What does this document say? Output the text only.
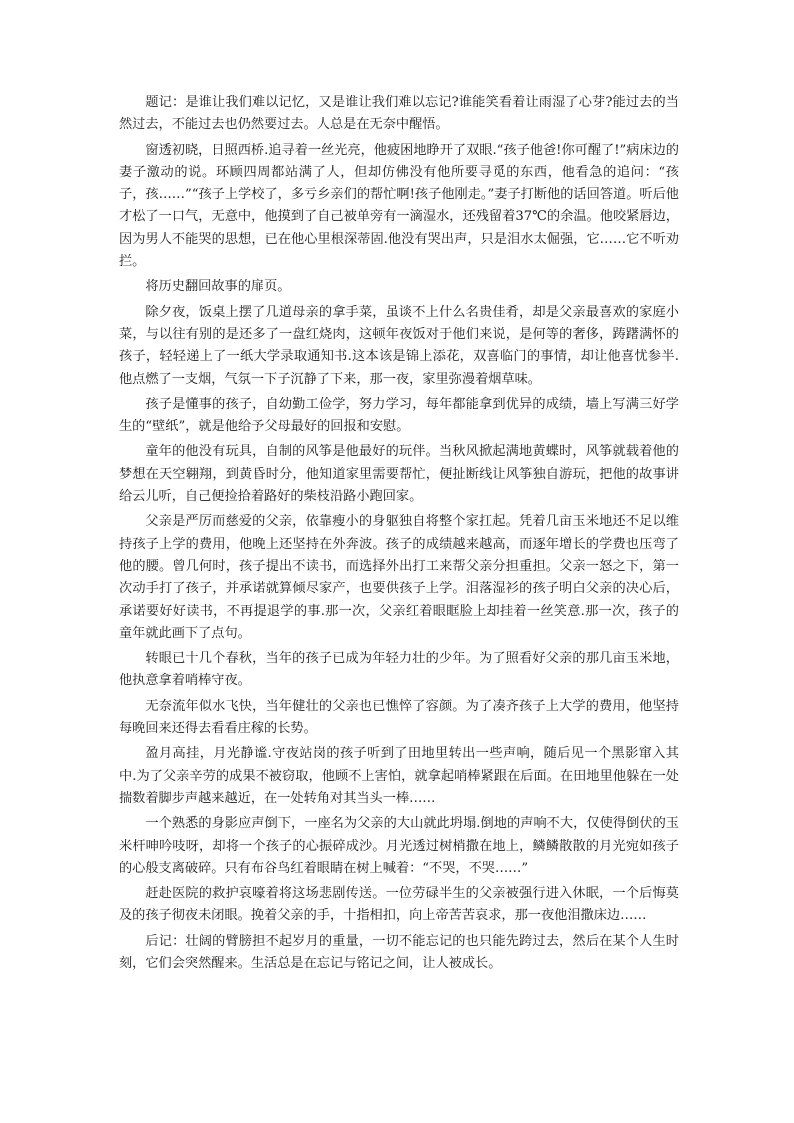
题记：是谁让我们难以记忆，又是谁让我们难以忘记?谁能笑看着让雨湿了心芽?能过去的当然过去，不能过去也仍然要过去。人总是在无奈中醒悟。

窗透初晓，日照西桥.追寻着一丝光亮，他疲困地睁开了双眼.“孩子他爸!你可醒了!”病床边的妻子激动的说。环顾四周都站满了人，但却仿佛没有他所要寻觅的东西，他看急的追问：“孩子，孩……”“孩子上学校了，多亏乡亲们的帮忙啊!孩子他刚走。”妻子打断他的话回答道。听后他才松了一口气，无意中，他摸到了自己被单旁有一滴湿水，还残留着37℃的余温。他咬紧唇边，因为男人不能哭的思想，已在他心里根深蒂固.他没有哭出声，只是泪水太倔强，它……它不听劝拦。

将历史翻回故事的扉页。

除夕夜，饭桌上摆了几道母亲的拿手菜，虽谈不上什么名贵佳肴，却是父亲最喜欢的家庭小菜，与以往有别的是还多了一盘红烧肉，这顿年夜饭对于他们来说，是何等的奢侈，踌躇满怀的孩子，轻轻递上了一纸大学录取通知书.这本该是锦上添花，双喜临门的事情，却让他喜忧参半.他点燃了一支烟，气氛一下子沉静了下来，那一夜，家里弥漫着烟草味。

孩子是懂事的孩子，自幼勤工俭学，努力学习，每年都能拿到优异的成绩，墙上写满三好学生的“壁纸”，就是他给予父母最好的回报和安慰。

童年的他没有玩具，自制的风筝是他最好的玩伴。当秋风掀起满地黄蝶时，风筝就载着他的梦想在天空翱翔，到黄昏时分，他知道家里需要帮忙，便扯断线让风筝独自游玩，把他的故事讲给云儿听，自己便捡拾着路好的柴枝沿路小跑回家。

父亲是严厉而慈爱的父亲，依靠瘦小的身躯独自将整个家扛起。凭着几亩玉米地还不足以维持孩子上学的费用，他晚上还坚持在外奔波。孩子的成绩越来越高，而逐年增长的学费也压弯了他的腰。曾几何时，孩子提出不读书，而选择外出打工来帮父亲分担重担。父亲一怒之下，第一次动手打了孩子，并承诺就算倾尽家产，也要供孩子上学。泪落湿衫的孩子明白父亲的决心后，承诺要好好读书，不再提退学的事.那一次，父亲红着眼眶脸上却挂着一丝笑意.那一次，孩子的童年就此画下了点句。

转眼已十几个春秋，当年的孩子已成为年轻力壮的少年。为了照看好父亲的那几亩玉米地，他执意拿着哨棒守夜。

无奈流年似水飞快，当年健壮的父亲也已憔悴了容颜。为了凑齐孩子上大学的费用，他坚持每晚回来还得去看看庄稼的长势。

盈月高挂，月光静谧.守夜站岗的孩子听到了田地里转出一些声响，随后见一个黑影窜入其中.为了父亲辛劳的成果不被窃取，他顾不上害怕，就拿起哨棒紧跟在后面。在田地里他躲在一处揣数着脚步声越来越近，在一处转角对其当头一棒……

一个熟悉的身影应声倒下，一座名为父亲的大山就此坍塌.倒地的声响不大，仅使得倒伏的玉米杆呻吟吱呀，却将一个孩子的心振碎成沙。月光透过树梢撒在地上，鳞鳞散散的月光宛如孩子的心般支离破碎。只有布谷鸟红着眼睛在树上喊着：“不哭，不哭……”

赶赴医院的救护哀嚎着将这场悲剧传送。一位劳碌半生的父亲被强行进入休眠，一个后悔莫及的孩子彻夜未闭眼。挽着父亲的手，十指相扣，向上帝苦苦哀求，那一夜他泪撒床边……

后记：壮阔的臂膀担不起岁月的重量，一切不能忘记的也只能先跨过去，然后在某个人生时刻，它们会突然醒来。生活总是在忘记与铭记之间，让人被成长。
